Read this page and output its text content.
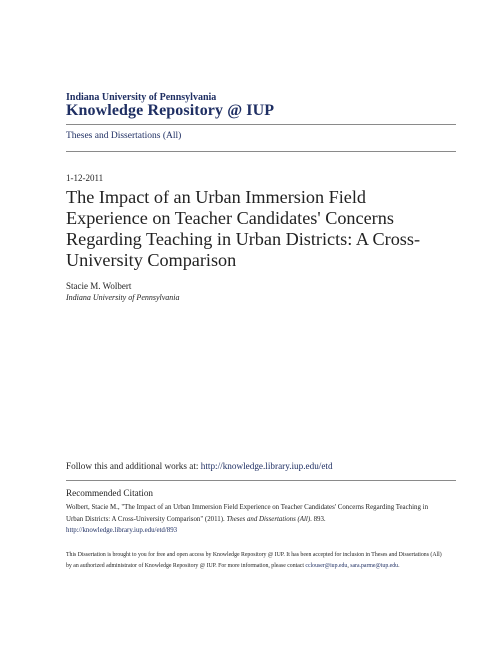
Indiana University of Pennsylvania
Knowledge Repository @ IUP
Theses and Dissertations (All)
1-12-2011
The Impact of an Urban Immersion Field Experience on Teacher Candidates' Concerns Regarding Teaching in Urban Districts: A Cross-University Comparison
Stacie M. Wolbert
Indiana University of Pennsylvania
Follow this and additional works at: http://knowledge.library.iup.edu/etd
Recommended Citation
Wolbert, Stacie M., "The Impact of an Urban Immersion Field Experience on Teacher Candidates' Concerns Regarding Teaching in Urban Districts: A Cross-University Comparison" (2011). Theses and Dissertations (All). 893.
http://knowledge.library.iup.edu/etd/893
This Dissertation is brought to you for free and open access by Knowledge Repository @ IUP. It has been accepted for inclusion in Theses and Dissertations (All) by an authorized administrator of Knowledge Repository @ IUP. For more information, please contact cclouser@iup.edu, sara.parme@iup.edu.
